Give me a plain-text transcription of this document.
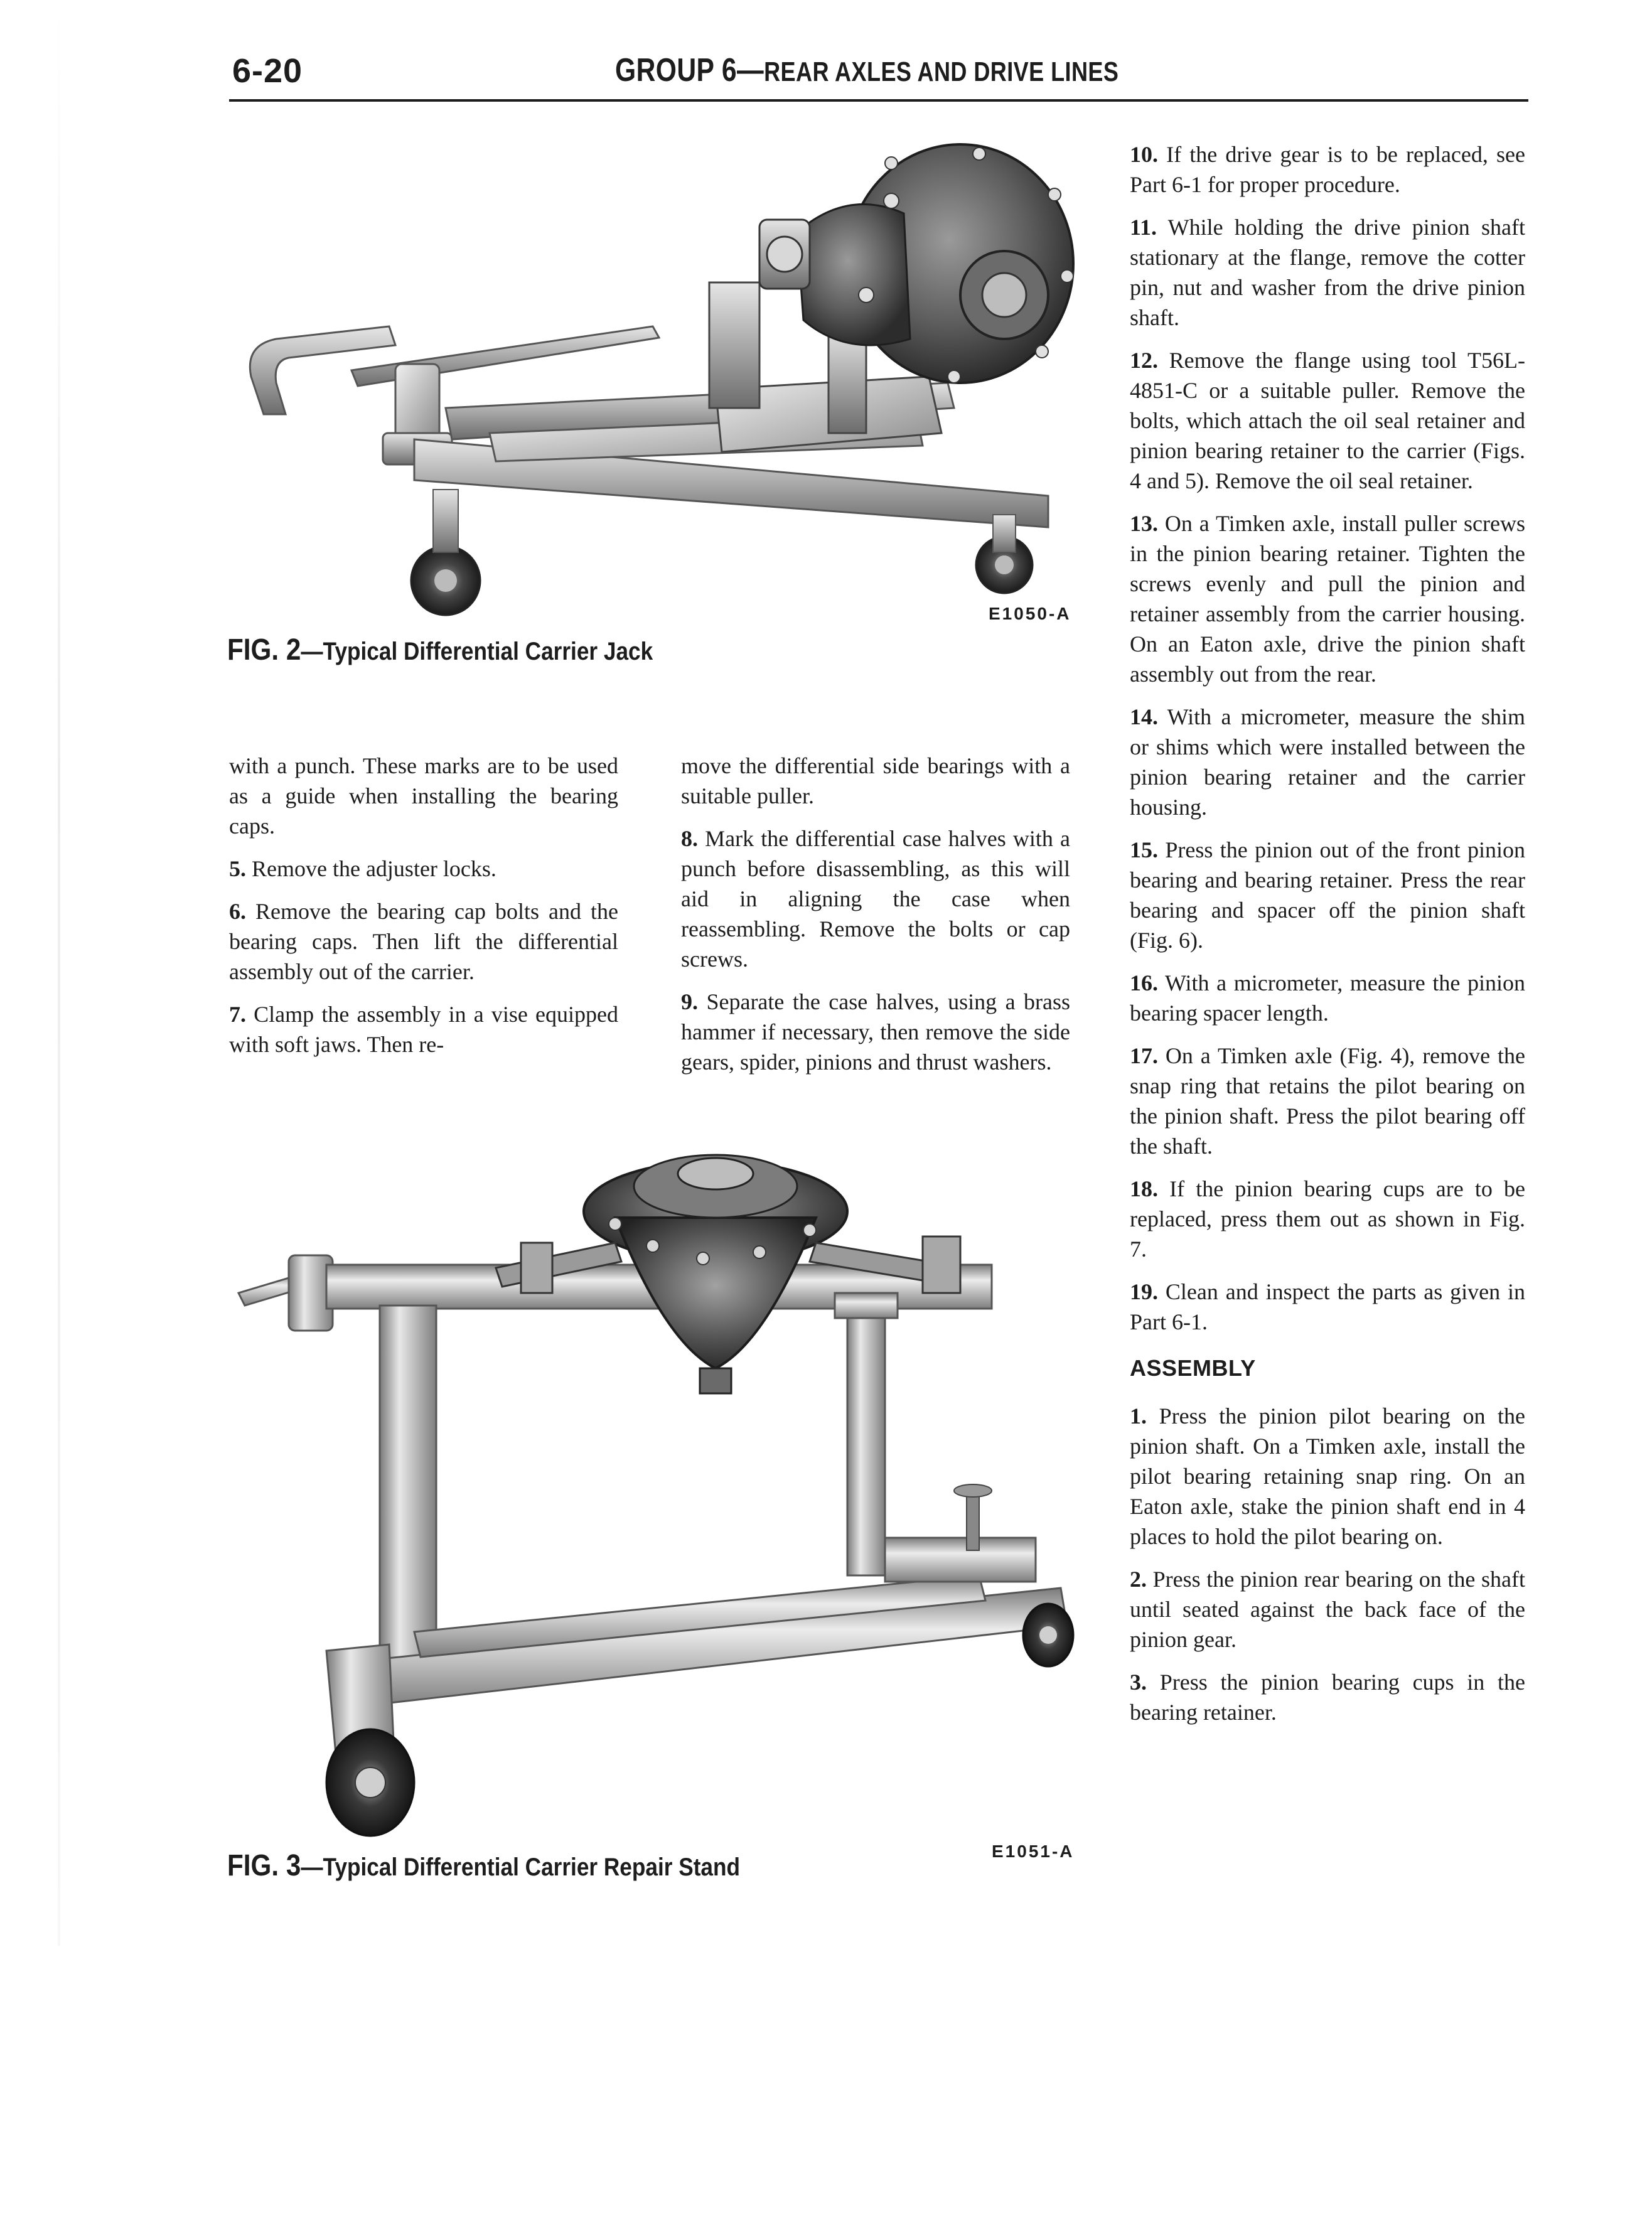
6-20	GROUP 6—REAR AXLES AND DRIVE LINES
E1050-A
FIG. 2—Typical Differential Carrier Jack

with a punch. These marks are to be used as a guide when installing the bearing caps.

5. Remove the adjuster locks.

6. Remove the bearing cap bolts and the bearing caps. Then lift the differential assembly out of the carrier.

7. Clamp the assembly in a vise equipped with soft jaws. Then re-

move the differential side bearings with a suitable puller.

8. Mark the differential case halves with a punch before disassembling, as this will aid in aligning the case when reassembling. Remove the bolts or cap screws.

9. Separate the case halves, using a brass hammer if necessary, then remove the side gears, spider, pinions and thrust washers.

E1051-A
FIG. 3—Typical Differential Carrier Repair Stand

10. If the drive gear is to be replaced, see Part 6-1 for proper procedure.

11. While holding the drive pinion shaft stationary at the flange, remove the cotter pin, nut and washer from the drive pinion shaft.

12. Remove the flange using tool T56L-4851-C or a suitable puller. Remove the bolts, which attach the oil seal retainer and pinion bearing retainer to the carrier (Figs. 4 and 5). Remove the oil seal retainer.

13. On a Timken axle, install puller screws in the pinion bearing retainer. Tighten the screws evenly and pull the pinion and retainer assembly from the carrier housing. On an Eaton axle, drive the pinion shaft assembly out from the rear.

14. With a micrometer, measure the shim or shims which were installed between the pinion bearing retainer and the carrier housing.

15. Press the pinion out of the front pinion bearing and bearing retainer. Press the rear bearing and spacer off the pinion shaft (Fig. 6).

16. With a micrometer, measure the pinion bearing spacer length.

17. On a Timken axle (Fig. 4), remove the snap ring that retains the pilot bearing on the pinion shaft. Press the pilot bearing off the shaft.

18. If the pinion bearing cups are to be replaced, press them out as shown in Fig. 7.

19. Clean and inspect the parts as given in Part 6-1.

ASSEMBLY

1. Press the pinion pilot bearing on the pinion shaft. On a Timken axle, install the pilot bearing retaining snap ring. On an Eaton axle, stake the pinion shaft end in 4 places to hold the pilot bearing on.

2. Press the pinion rear bearing on the shaft until seated against the back face of the pinion gear.

3. Press the pinion bearing cups in the bearing retainer.
